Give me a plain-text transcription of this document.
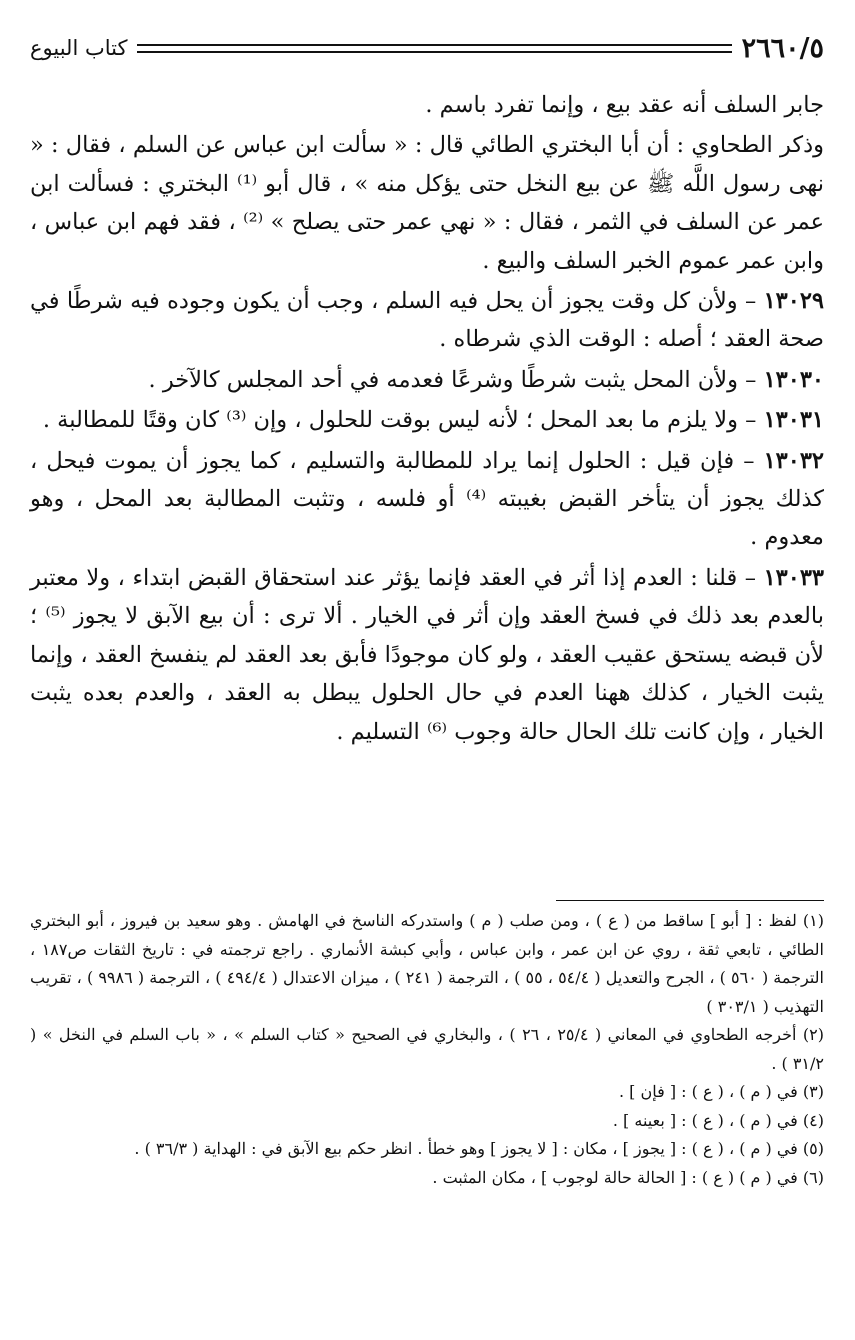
٢٦٦٠/٥
كتاب البيوع

جابر السلف أنه عقد بيع ، وإنما تفرد باسم .

وذكر الطحاوي : أن أبا البختري الطائي قال : « سألت ابن عباس عن السلم ، فقال : « نهى رسول اللَّه ﷺ عن بيع النخل حتى يؤكل منه » ، قال أبو ⁽¹⁾ البختري : فسألت ابن عمر عن السلف في الثمر ، فقال : « نهي عمر حتى يصلح » ⁽²⁾ ، فقد فهم ابن عباس ، وابن عمر عموم الخبر السلف والبيع .

١٣٠٢٩ – ولأن كل وقت يجوز أن يحل فيه السلم ، وجب أن يكون وجوده فيه شرطًا في صحة العقد ؛ أصله : الوقت الذي شرطاه .

١٣٠٣٠ – ولأن المحل يثبت شرطًا وشرعًا فعدمه في أحد المجلس كالآخر .

١٣٠٣١ – ولا يلزم ما بعد المحل ؛ لأنه ليس بوقت للحلول ، وإن ⁽³⁾ كان وقتًا للمطالبة .

١٣٠٣٢ – فإن قيل : الحلول إنما يراد للمطالبة والتسليم ، كما يجوز أن يموت فيحل ، كذلك يجوز أن يتأخر القبض بغيبته ⁽⁴⁾ أو فلسه ، وتثبت المطالبة بعد المحل ، وهو معدوم .

١٣٠٣٣ – قلنا : العدم إذا أثر في العقد فإنما يؤثر عند استحقاق القبض ابتداء ، ولا معتبر بالعدم بعد ذلك في فسخ العقد وإن أثر في الخيار . ألا ترى : أن بيع الآبق لا يجوز ⁽⁵⁾ ؛ لأن قبضه يستحق عقيب العقد ، ولو كان موجودًا فأبق بعد العقد لم ينفسخ العقد ، وإنما يثبت الخيار ، كذلك ههنا العدم في حال الحلول يبطل به العقد ، والعدم بعده يثبت الخيار ، وإن كانت تلك الحال حالة وجوب ⁽⁶⁾ التسليم .

(١) لفظ : [ أبو ] ساقط من ( ع ) ، ومن صلب ( م ) واستدركه الناسخ في الهامش . وهو سعيد بن فيروز ، أبو البختري الطائي ، تابعي ثقة ، روي عن ابن عمر ، وابن عباس ، وأبي كبشة الأنماري . راجع ترجمته في : تاريخ الثقات ص١٨٧ ، الترجمة ( ٥٦٠ ) ، الجرح والتعديل ( ٥٤/٤ ، ٥٥ ) ، الترجمة ( ٢٤١ ) ، ميزان الاعتدال ( ٤٩٤/٤ ) ، الترجمة ( ٩٩٨٦ ) ، تقريب التهذيب ( ٣٠٣/١ )

(٢) أخرجه الطحاوي في المعاني ( ٢٥/٤ ، ٢٦ ) ، والبخاري في الصحيح « كتاب السلم » ، « باب السلم في النخل » ( ٣١/٢ ) .

(٣) في ( م ) ، ( ع ) : [ فإن ] .

(٤) في ( م ) ، ( ع ) : [ بعينه ] .

(٥) في ( م ) ، ( ع ) : [ يجوز ] ، مكان : [ لا يجوز ] وهو خطأ . انظر حكم بيع الآبق في : الهداية ( ٣٦/٣ ) .

(٦) في ( م ) ( ع ) : [ الحالة حالة لوجوب ] ، مكان المثبت .
